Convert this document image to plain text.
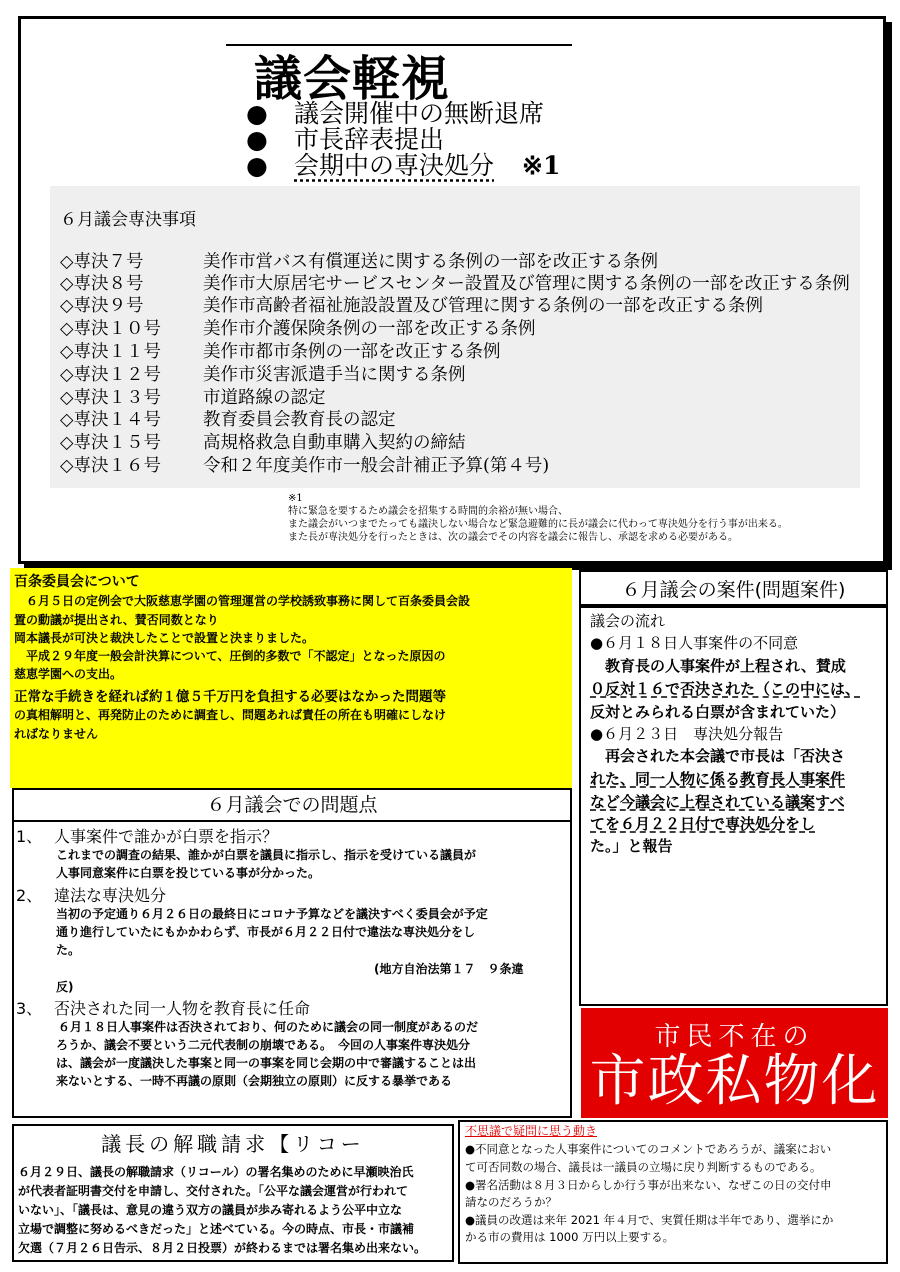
議会軽視
● 議会開催中の無断退席
● 市長辞表提出
● 会期中の専決処分 ※1
６月議会専決事項
◇専決７号	美作市営バス有償運送に関する条例の一部を改正する条例
◇専決８号	美作市大原居宅サービスセンター設置及び管理に関する条例の一部を改正する条例
◇専決９号	美作市高齢者福祉施設設置及び管理に関する条例の一部を改正する条例
◇専決１０号 美作市介護保険条例の一部を改正する条例
◇専決１１号 美作市都市条例の一部を改正する条例
◇専決１２号 美作市災害派遣手当に関する条例
◇専決１３号 市道路線の認定
◇専決１４号 教育委員会教育長の認定
◇専決１５号 高規格救急自動車購入契約の締結
◇専決１６号 令和２年度美作市一般会計補正予算(第４号)
※1
特に緊急を要するため議会を招集する時間的余裕が無い場合、
また議会がいつまでたっても議決しない場合など緊急避難的に長が議会に代わって専決処分を行う事が出来る。
また長が専決処分を行ったときは、次の議会でその内容を議会に報告し、承認を求める必要がある。
百条委員会について
　６月５日の定例会で大阪慈恵学園の管理運営の学校誘致事務に関して百条委員会設
置の動議が提出され、賛否同数となり
岡本議長が可決と裁決したことで設置と決まりました。
　平成２９年度一般会計決算について、圧倒的多数で「不認定」となった原因の
慈恵学園への支出。
正常な手続きを経れば約１億５千万円を負担する必要はなかった問題等
の真相解明と、再発防止のために調査し、問題あれば責任の所在も明確にしなけ
ればなりません
６月議会での問題点
1、 人事案件で誰かが白票を指示？
これまでの調査の結果、誰かが白票を議員に指示し、指示を受けている議員が
人事同意案件に白票を投じている事が分かった。
2、 違法な専決処分
当初の予定通り６月２６日の最終日にコロナ予算などを議決すべく委員会が予定
通り進行していたにもかかわらず、市長が６月２２日付で違法な専決処分をし
た。
(地方自治法第１７　９条違
反)
3、 否決された同一人物を教育長に任命
６月１８日人事案件は否決されており、何のために議会の同一制度があるのだ
ろうか、議会不要という二元代表制の崩壊である。　今回の人事案件専決処分
は、議会が一度議決した事案と同一の事案を同じ会期の中で審議することは出
来ないとする、一時不再議の原則（会期独立の原則）に反する暴挙である
６月議会の案件(問題案件)
議会の流れ
●６月１８日人事案件の不同意
　教育長の人事案件が上程され、賛成
０反対１６で否決された（この中には、
反対とみられる白票が含まれていた）
●６月２３日　専決処分報告
　再会された本会議で市長は「否決さ
れた、同一人物に係る教育長人事案件
など今議会に上程されている議案すべ
てを６月２２日付で専決処分をし
た。」と報告
市民不在の
市政私物化
議長の解職請求【リコー
６月２９日、議長の解職請求（リコール）の署名集めのために早瀬映治氏
が代表者証明書交付を申請し、交付された。「公平な議会運営が行われて
いない」、「議長は、意見の違う双方の議員が歩み寄れるよう公平中立な
立場で調整に努めるべきだった」と述べている。今の時点、市長・市議補
欠選（７月２６日告示、８月２日投票）が終わるまでは署名集め出来ない。
不思議で疑問に思う動き
●不同意となった人事案件についてのコメントであろうが、議案におい
て可否同数の場合、議長は一議員の立場に戻り判断するものである。
●署名活動は８月３日からしか行う事が出来ない、なぜこの日の交付申
請なのだろうか？
●議員の改選は来年 2021 年４月で、実質任期は半年であり、選挙にか
かる市の費用は 1000 万円以上要する。
